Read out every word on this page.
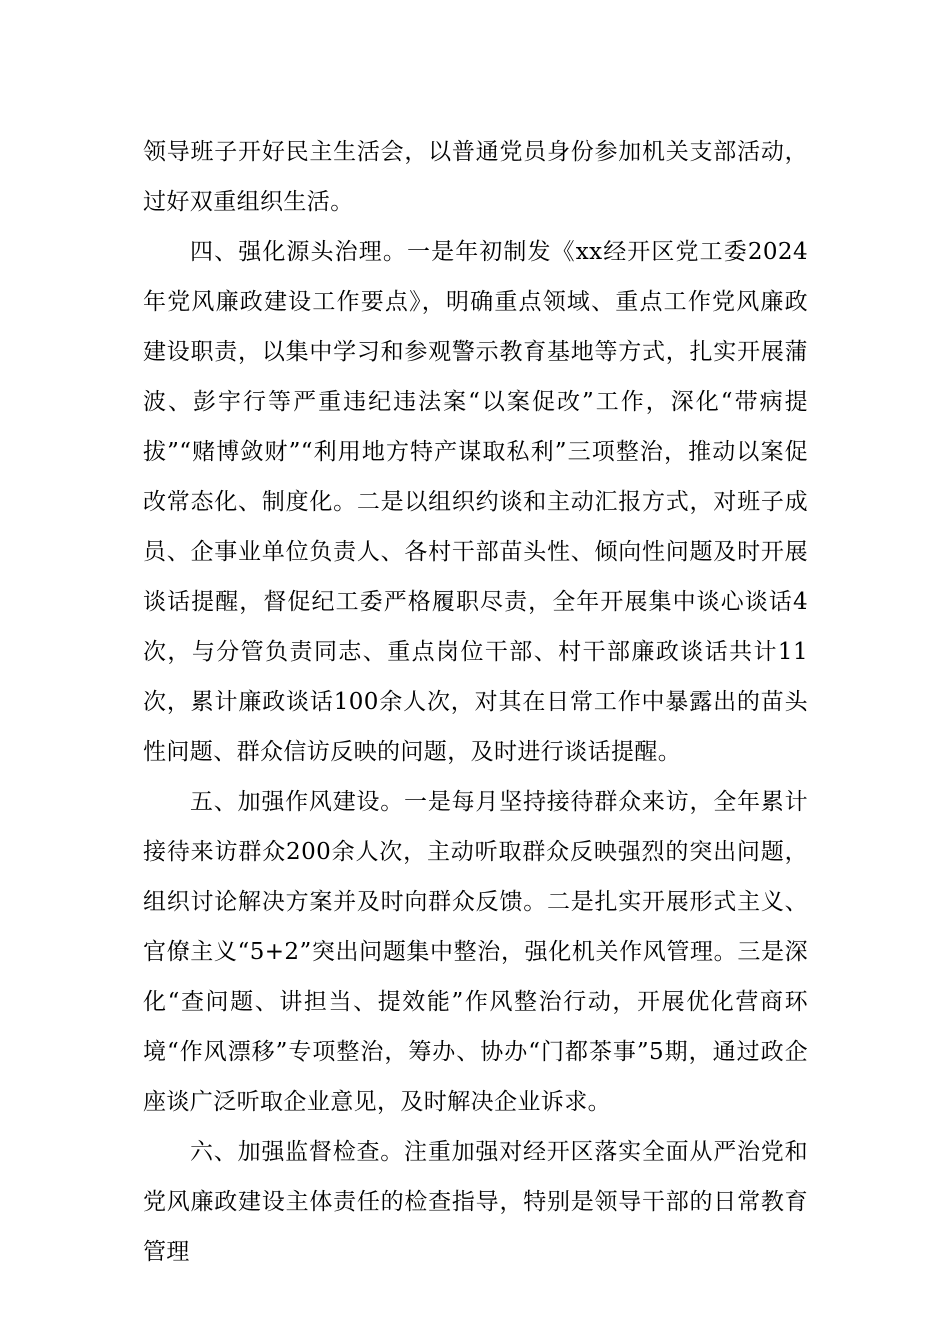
领导班子开好民主生活会，以普通党员身份参加机关支部活动，过好双重组织生活。

四、强化源头治理。一是年初制发《xx经开区党工委2024年党风廉政建设工作要点》，明确重点领域、重点工作党风廉政建设职责，以集中学习和参观警示教育基地等方式，扎实开展蒲波、彭宇行等严重违纪违法案“以案促改”工作，深化“带病提拔”“赌博敛财”“利用地方特产谋取私利”三项整治，推动以案促改常态化、制度化。二是以组织约谈和主动汇报方式，对班子成员、企事业单位负责人、各村干部苗头性、倾向性问题及时开展谈话提醒，督促纪工委严格履职尽责，全年开展集中谈心谈话4次，与分管负责同志、重点岗位干部、村干部廉政谈话共计11次，累计廉政谈话100余人次，对其在日常工作中暴露出的苗头性问题、群众信访反映的问题，及时进行谈话提醒。

五、加强作风建设。一是每月坚持接待群众来访，全年累计接待来访群众200余人次，主动听取群众反映强烈的突出问题，组织讨论解决方案并及时向群众反馈。二是扎实开展形式主义、官僚主义“5+2”突出问题集中整治，强化机关作风管理。三是深化“查问题、讲担当、提效能”作风整治行动，开展优化营商环境“作风漂移”专项整治，筹办、协办“门都茶事”5期，通过政企座谈广泛听取企业意见，及时解决企业诉求。

六、加强监督检查。注重加强对经开区落实全面从严治党和党风廉政建设主体责任的检查指导，特别是领导干部的日常教育管理
